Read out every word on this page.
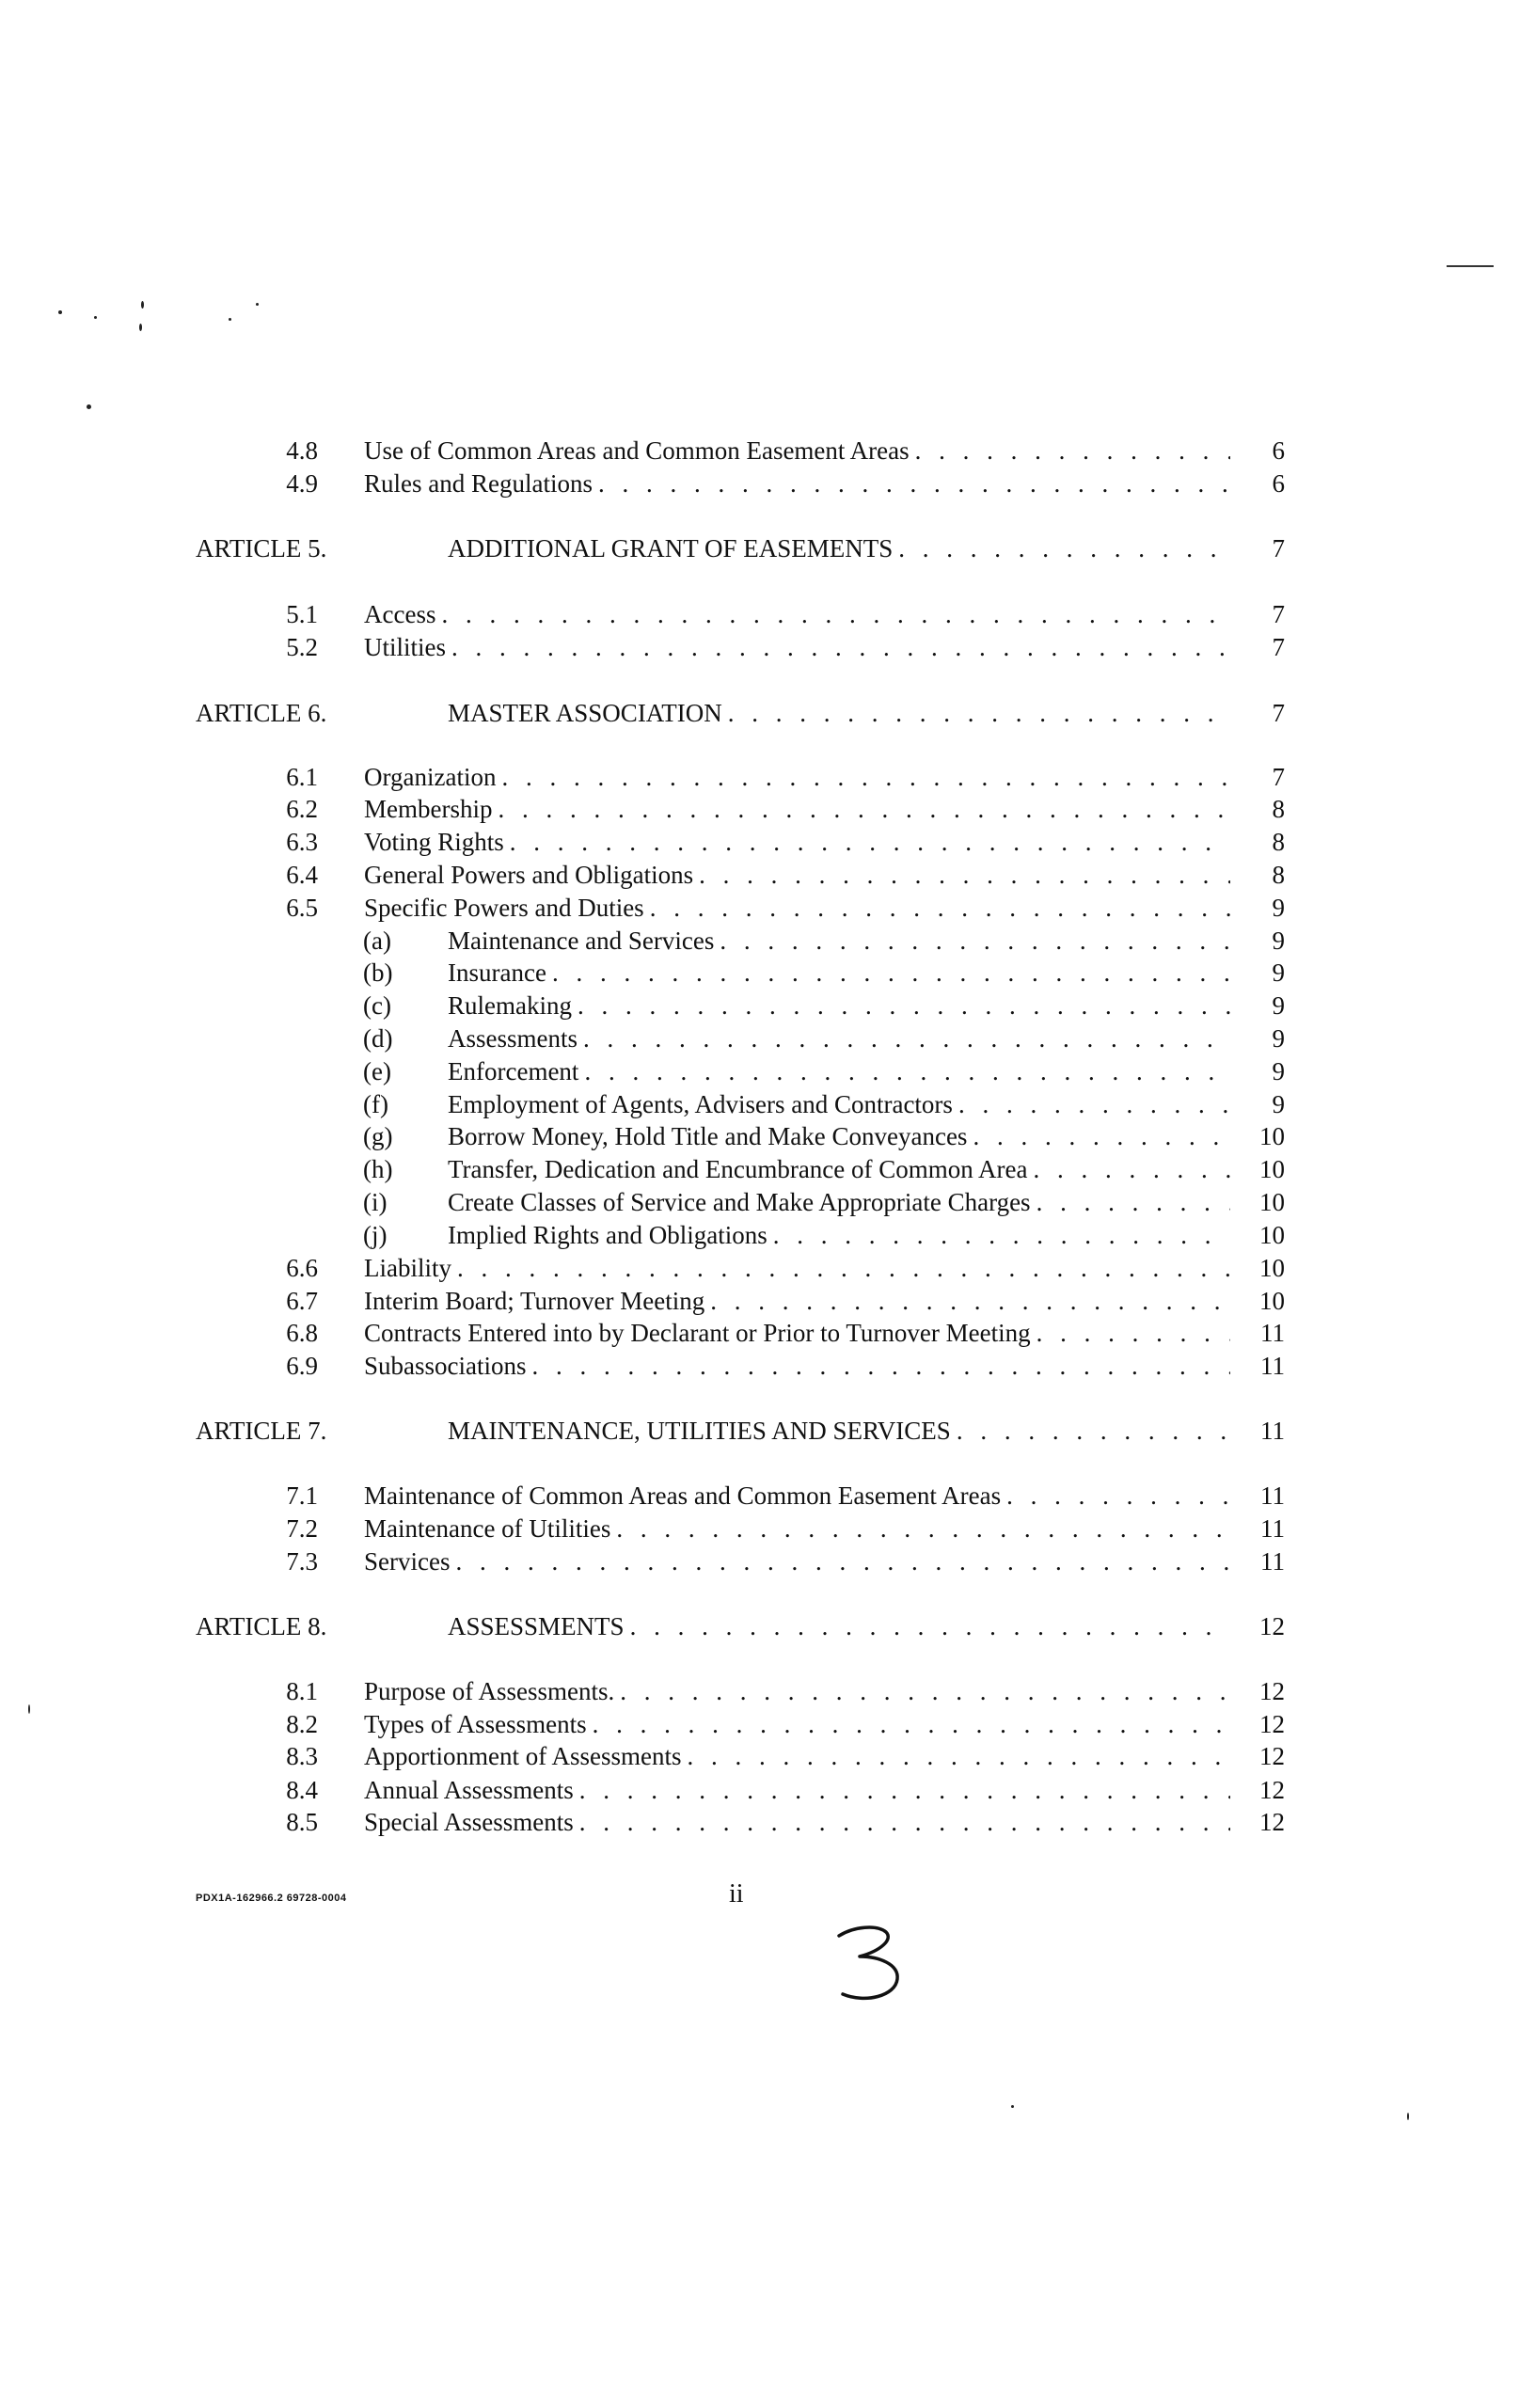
4.8 Use of Common Areas and Common Easement Areas . . .	6
4.9 Rules and Regulations . . .	6
ARTICLE 5.	ADDITIONAL GRANT OF EASEMENTS . . .	7
5.1 Access . . .	7
5.2 Utilities . . .	7
ARTICLE 6.	MASTER ASSOCIATION . . .	7
6.1 Organization . . .	7
6.2 Membership . . .	8
6.3 Voting Rights . . .	8
6.4 General Powers and Obligations . . .	8
6.5 Specific Powers and Duties . . .	9
(a)	Maintenance and Services . . .	9
(b)	Insurance . . .	9
(c)	Rulemaking . . .	9
(d)	Assessments . . .	9
(e)	Enforcement . . .	9
(f)	Employment of Agents, Advisers and Contractors . . .	9
(g)	Borrow Money, Hold Title and Make Conveyances . . .	10
(h)	Transfer, Dedication and Encumbrance of Common Area . . .	10
(i)	Create Classes of Service and Make Appropriate Charges . . .	10
(j)	Implied Rights and Obligations . . .	10
6.6 Liability . . .	10
6.7 Interim Board; Turnover Meeting . . .	10
6.8 Contracts Entered into by Declarant or Prior to Turnover Meeting . . .	11
6.9 Subassociations . . .	11
ARTICLE 7.	MAINTENANCE, UTILITIES AND SERVICES . . .	11
7.1 Maintenance of Common Areas and Common Easement Areas . . .	11
7.2 Maintenance of Utilities . . .	11
7.3 Services . . .	11
ARTICLE 8.	ASSESSMENTS . . .	12
8.1 Purpose of Assessments. . . .	12
8.2 Types of Assessments . . .	12
8.3 Apportionment of Assessments . . .	12
8.4 Annual Assessments . . .	12
8.5 Special Assessments . . .	12
PDX1A-162966.2 69728-0004	ii
